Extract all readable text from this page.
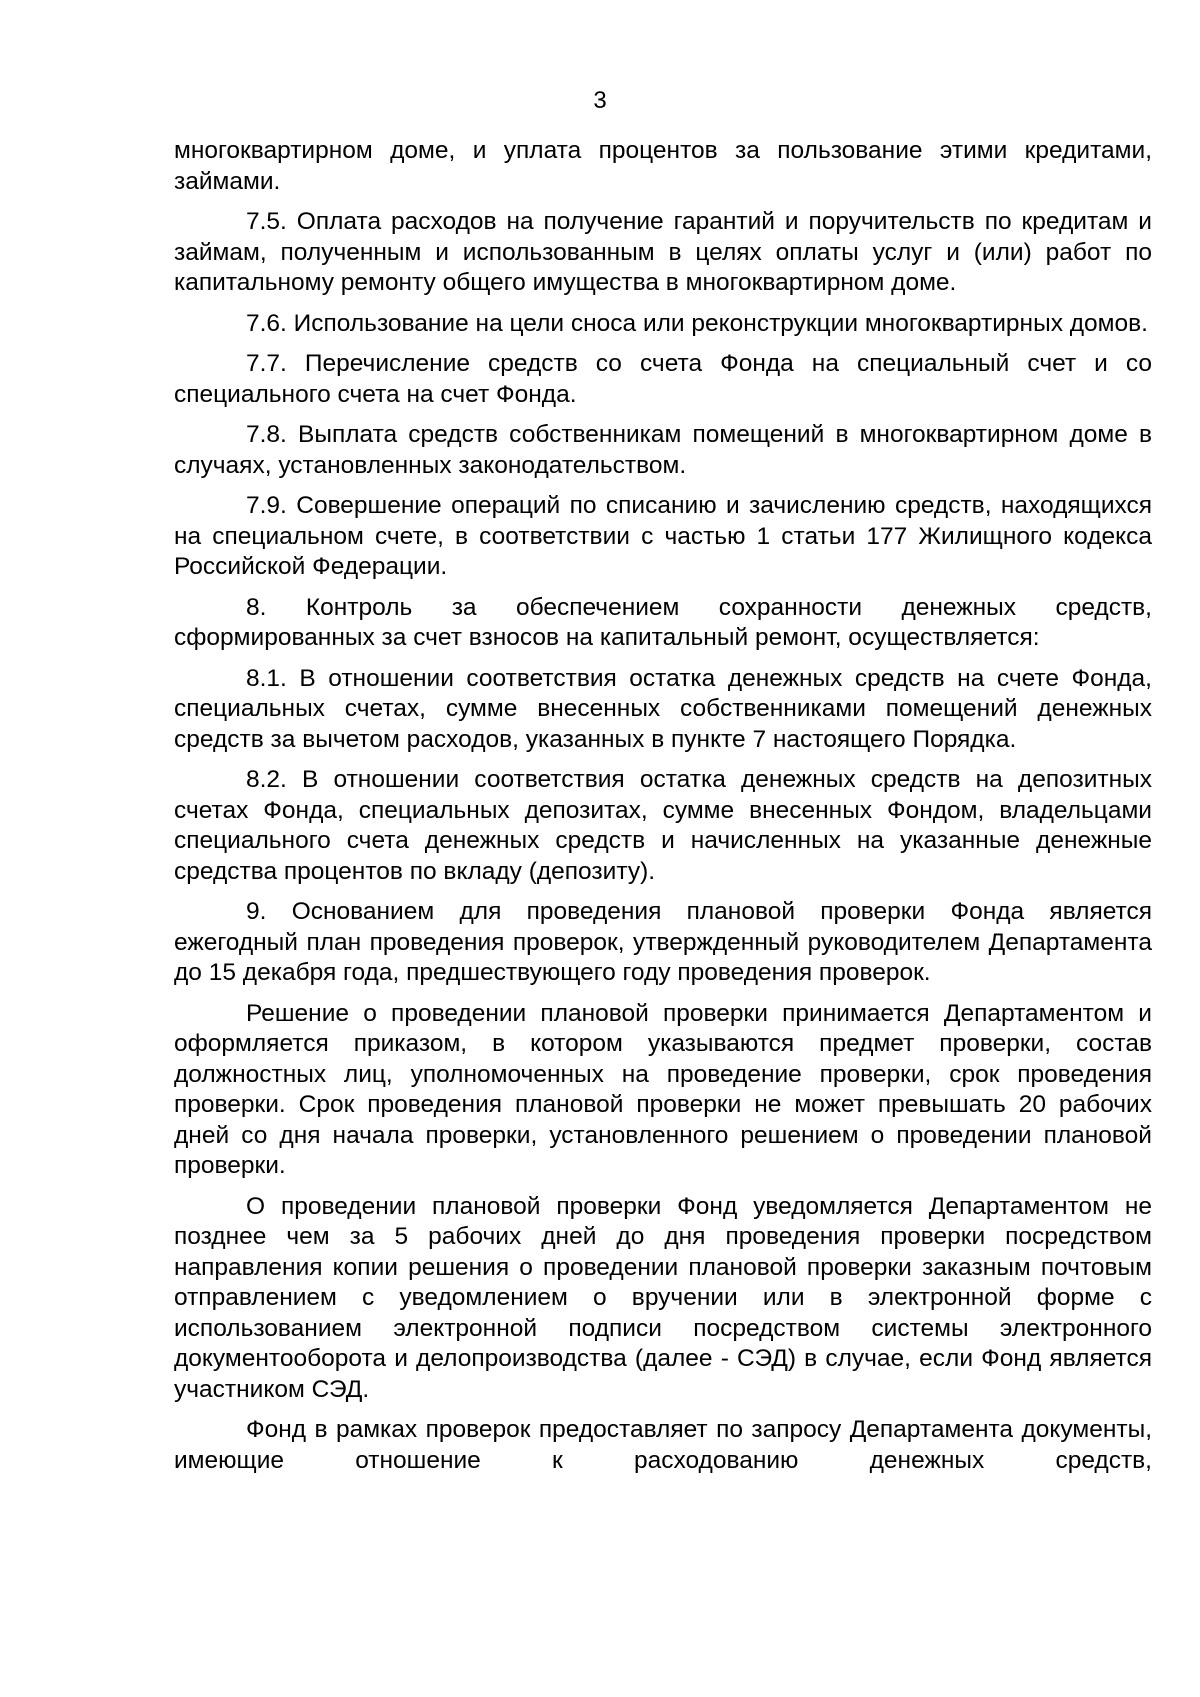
3

многоквартирном доме, и уплата процентов за пользование этими кредитами, займами.

7.5. Оплата расходов на получение гарантий и поручительств по кредитам и займам, полученным и использованным в целях оплаты услуг и (или) работ по капитальному ремонту общего имущества в многоквартирном доме.

7.6. Использование на цели сноса или реконструкции многоквартирных домов.

7.7. Перечисление средств со счета Фонда на специальный счет и со специального счета на счет Фонда.

7.8. Выплата средств собственникам помещений в многоквартирном доме в случаях, установленных законодательством.

7.9. Совершение операций по списанию и зачислению средств, находящихся на специальном счете, в соответствии с частью 1 статьи 177 Жилищного кодекса Российской Федерации.

8. Контроль за обеспечением сохранности денежных средств, сформированных за счет взносов на капитальный ремонт, осуществляется:

8.1. В отношении соответствия остатка денежных средств на счете Фонда, специальных счетах, сумме внесенных собственниками помещений денежных средств за вычетом расходов, указанных в пункте 7 настоящего Порядка.

8.2. В отношении соответствия остатка денежных средств на депозитных счетах Фонда, специальных депозитах, сумме внесенных Фондом, владельцами специального счета денежных средств и начисленных на указанные денежные средства процентов по вкладу (депозиту).

9. Основанием для проведения плановой проверки Фонда является ежегодный план проведения проверок, утвержденный руководителем Департамента до 15 декабря года, предшествующего году проведения проверок.

Решение о проведении плановой проверки принимается Департаментом и оформляется приказом, в котором указываются предмет проверки, состав должностных лиц, уполномоченных на проведение проверки, срок проведения проверки. Срок проведения плановой проверки не может превышать 20 рабочих дней со дня начала проверки, установленного решением о проведении плановой проверки.

О проведении плановой проверки Фонд уведомляется Департаментом не позднее чем за 5 рабочих дней до дня проведения проверки посредством направления копии решения о проведении плановой проверки заказным почтовым отправлением с уведомлением о вручении или в электронной форме с использованием электронной подписи посредством системы электронного документооборота и делопроизводства (далее - СЭД) в случае, если Фонд является участником СЭД.

Фонд в рамках проверок предоставляет по запросу Департамента документы, имеющие отношение к расходованию денежных средств,
